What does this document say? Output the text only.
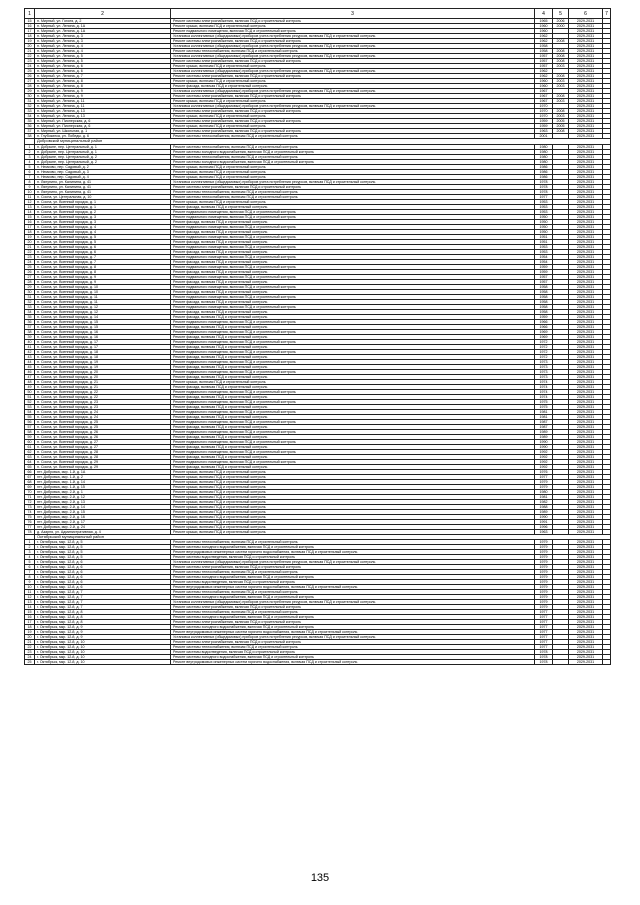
1	2	3	4	5	6	7
15	п. Мирный, ул. Гоголя, д. 2	Ремонт системы электроснабжения, включая ПСД и строительный контроль	1965	2006	2029-2031	
16	п. Мирный, ул. Ленина, д. 1А	Ремонт крыши, включая ПСД и строительный контроль	1960	2000	2029-2031	
17	п. Мирный, ул. Ленина, д. 1А	Ремонт подвального помещения, включая ПСД и строительный контроль	1960		2029-2031	
18	п. Мирный, ул. Ленина, д. 3	Установка коллективных (общедомовых) приборов учета потребления ресурсов, включая ПСД и строительный контроль	1962		2029-2031	
19	п. Мирный, ул. Ленина, д. 3	Ремонт системы электроснабжения, включая ПСД и строительный контроль	1962	2008	2029-2031	
20	п. Мирный, ул. Ленина, д. 4	Установка коллективных (общедомовых) приборов учета потребления ресурсов, включая ПСД и строительный контроль	1958		2029-2031	
21	п. Мирный, ул. Ленина, д. 4	Ремонт системы теплоснабжения, включая ПСД и строительный контроль	1958	2008	2029-2031	
22	п. Мирный, ул. Ленина, д. 5	Установка коллективных (общедомовых) приборов учета потребления ресурсов, включая ПСД и строительный контроль	1957	2008	2029-2031	
23	п. Мирный, ул. Ленина, д. 5	Ремонт системы электроснабжения, включая ПСД и строительный контроль	1957	2008	2029-2031	
24	п. Мирный, ул. Ленина, д. 6	Ремонт крыши, включая ПСД и строительный контроль	1957	2003	2029-2031	
25	п. Мирный, ул. Ленина, д. 6	Установка коллективных (общедомовых) приборов учета потребления ресурсов, включая ПСД и строительный контроль	1962		2029-2031	
26	п. Мирный, ул. Ленина, д. 7	Ремонт системы электроснабжения, включая ПСД и строительный контроль	1962	2008	2029-2031	
27	п. Мирный, ул. Ленина, д. 8	Ремонт крыши, включая ПСД и строительный контроль	1960	2003	2029-2031	
28	п. Мирный, ул. Ленина, д. 8	Ремонт фасада, включая ПСД и строительный контроль	1960	2003	2029-2031	
29	п. Мирный, ул. Ленина, д. 9	Установка коллективных (общедомовых) приборов учета потребления ресурсов, включая ПСД и строительный контроль	1967		2029-2031	
30	п. Мирный, ул. Ленина, д. 9	Ремонт системы электроснабжения, включая ПСД и строительный контроль	1967	2008	2029-2031	
31	п. Мирный, ул. Ленина, д. 11	Ремонт крыши, включая ПСД и строительный контроль	1967	2003	2029-2031	
32	п. Мирный, ул. Ленина, д. 11	Установка коллективных (общедомовых) приборов учета потребления ресурсов, включая ПСД и строительный контроль	1970		2029-2031	
33	п. Мирный, ул. Ленина, д. 13	Ремонт системы электроснабжения, включая ПСД и строительный контроль	1970	2008	2029-2031	
34	п. Мирный, ул. Ленина, д. 13	Ремонт крыши, включая ПСД и строительный контроль	1970	2003	2029-2031	
35	п. Мирный, ул. Пионерская, д. 6	Ремонт системы электроснабжения, включая ПСД и строительный контроль	1959	2005	2029-2031	
36	п. Мирный, ул. Пионерская, д. 6	Ремонт крыши, включая ПСД и строительный контроль	1959	2005	2029-2031	
37	п. Мирный, ул. Школьная, д. 1	Ремонт системы электроснабжения, включая ПСД и строительный контроль	1963	2008	2029-2031	
38	п. Глубокинка, ул. Победы, д. 6	Ремонт системы теплоснабжения, включая ПСД и строительный контроль	2001		2029-2031	
	Добровский муниципальный район					
1	п. Добрыне, пер. Центральный, д. 1	Ремонт системы теплоснабжения, включая ПСД и строительный контроль	1980		2029-2031	
2	п. Добрыне, пер. Центральный, д. 1	Ремонт системы холодного водоснабжения, включая ПСД и строительный контроль	1980		2029-2031	
3	п. Добрыне, пер. Центральный, д. 2	Ремонт системы теплоснабжения, включая ПСД и строительный контроль	1980		2029-2031	
4	п. Добрыне, пер. Центральный, д. 2	Ремонт системы холодного водоснабжения, включая ПСД и строительный контроль	1980		2029-2031	
5	п. Немково, пер. Садовый, д. 2	Ремонт крыши, включая ПСД и строительный контроль	1986		2029-2031	
6	п. Немково, пер. Садовый, д. 3	Ремонт крыши, включая ПСД и строительный контроль	1986		2029-2031	
7	п. Немково, пер. Садовый, д. 4	Ремонт крыши, включая ПСД и строительный контроль	1986		2029-2031	
8	п. Ляпунино, ул. Калинина, д. 41	Установка коллективных (общедомовых) приборов учета потребления ресурсов, включая ПСД и строительный контроль	1978		2029-2031	
9	п. Ляпунино, ул. Калинина, д. 41	Ремонт системы электроснабжения, включая ПСД и строительный контроль	1978		2029-2031	
10	п. Ляпунино, ул. Калинина, д. 41	Ремонт системы теплоснабжения, включая ПСД и строительный контроль	1978		2029-2031	
11	п. Сосна, ул. Центральная, д. 10	Ремонт системы теплоснабжения, включая ПСД и строительный контроль	1977		2029-2031	
12	п. Сосна, ул. Военный городок, д. 1	Ремонт крыши, включая ПСД и строительный контроль	1953		2029-2031	
13	п. Сосна, ул. Военный городок, д. 1	Ремонт фасада, включая ПСД и строительный контроль	1953		2029-2031	
14	п. Сосна, ул. Военный городок, д. 2	Ремонт подвального помещения, включая ПСД и строительный контроль	1953		2029-2031	
15	п. Сосна, ул. Военный городок, д. 3	Ремонт подвального помещения, включая ПСД и строительный контроль	1950		2029-2031	
16	п. Сосна, ул. Военный городок, д. 3	Ремонт фасада, включая ПСД и строительный контроль	1950		2029-2031	
17	п. Сосна, ул. Военный городок, д. 4	Ремонт подвального помещения, включая ПСД и строительный контроль	1950		2029-2031	
18	п. Сосна, ул. Военный городок, д. 4	Ремонт фасада, включая ПСД и строительный контроль	1950		2029-2031	
19	п. Сосна, ул. Военный городок, д. 5	Ремонт подвального помещения, включая ПСД и строительный контроль	1951		2029-2031	
20	п. Сосна, ул. Военный городок, д. 5	Ремонт фасада, включая ПСД и строительный контроль	1951		2029-2031	
21	п. Сосна, ул. Военный городок, д. 6	Ремонт подвального помещения, включая ПСД и строительный контроль	1953		2029-2031	
22	п. Сосна, ул. Военный городок, д. 6	Ремонт фасада, включая ПСД и строительный контроль	1953		2029-2031	
23	п. Сосна, ул. Военный городок, д. 7	Ремонт подвального помещения, включая ПСД и строительный контроль	1954		2029-2031	
24	п. Сосна, ул. Военный городок, д. 7	Ремонт фасада, включая ПСД и строительный контроль	1954		2029-2031	
25	п. Сосна, ул. Военный городок, д. 8	Ремонт подвального помещения, включая ПСД и строительный контроль	1959		2029-2031	
26	п. Сосна, ул. Военный городок, д. 8	Ремонт фасада, включая ПСД и строительный контроль	1959		2029-2031	
27	п. Сосна, ул. Военный городок, д. 9	Ремонт подвального помещения, включая ПСД и строительный контроль	1957		2029-2031	
28	п. Сосна, ул. Военный городок, д. 9	Ремонт фасада, включая ПСД и строительный контроль	1957		2029-2031	
29	п. Сосна, ул. Военный городок, д. 10	Ремонт подвального помещения, включая ПСД и строительный контроль	1958		2029-2031	
30	п. Сосна, ул. Военный городок, д. 10	Ремонт фасада, включая ПСД и строительный контроль	1958		2029-2031	
31	п. Сосна, ул. Военный городок, д. 11	Ремонт подвального помещения, включая ПСД и строительный контроль	1958		2029-2031	
32	п. Сосна, ул. Военный городок, д. 11	Ремонт фасада, включая ПСД и строительный контроль	1958		2029-2031	
33	п. Сосна, ул. Военный городок, д. 12	Ремонт подвального помещения, включая ПСД и строительный контроль	1958		2029-2031	
34	п. Сосна, ул. Военный городок, д. 12	Ремонт фасада, включая ПСД и строительный контроль	1958		2029-2031	
35	п. Сосна, ул. Военный городок, д. 14	Ремонт фасада, включая ПСД и строительный контроль	1959		2029-2031	
36	п. Сосна, ул. Военный городок, д. 15	Ремонт подвального помещения, включая ПСД и строительный контроль	1966		2029-2031	
37	п. Сосна, ул. Военный городок, д. 15	Ремонт фасада, включая ПСД и строительный контроль	1966		2029-2031	
38	п. Сосна, ул. Военный городок, д. 16	Ремонт подвального помещения, включая ПСД и строительный контроль	1969		2029-2031	
39	п. Сосна, ул. Военный городок, д. 16	Ремонт фасада, включая ПСД и строительный контроль	1969		2029-2031	
40	п. Сосна, ул. Военный городок, д. 17	Ремонт подвального помещения, включая ПСД и строительный контроль	1972		2029-2031	
41	п. Сосна, ул. Военный городок, д. 17	Ремонт фасада, включая ПСД и строительный контроль	1972		2029-2031	
42	п. Сосна, ул. Военный городок, д. 18	Ремонт подвального помещения, включая ПСД и строительный контроль	1972		2029-2031	
43	п. Сосна, ул. Военный городок, д. 18	Ремонт фасада, включая ПСД и строительный контроль	1972		2029-2031	
44	п. Сосна, ул. Военный городок, д. 19	Ремонт подвального помещения, включая ПСД и строительный контроль	1973		2029-2031	
45	п. Сосна, ул. Военный городок, д. 19	Ремонт фасада, включая ПСД и строительный контроль	1973		2029-2031	
46	п. Сосна, ул. Военный городок, д. 20	Ремонт подвального помещения, включая ПСД и строительный контроль	1973		2029-2031	
47	п. Сосна, ул. Военный городок, д. 20	Ремонт фасада, включая ПСД и строительный контроль	1973		2029-2031	
48	п. Сосна, ул. Военный городок, д. 21	Ремонт крыши, включая ПСД и строительный контроль	1974		2029-2031	
49	п. Сосна, ул. Военный городок, д. 21	Ремонт фасада, включая ПСД и строительный контроль	1974		2029-2031	
50	п. Сосна, ул. Военный городок, д. 22	Ремонт подвального помещения, включая ПСД и строительный контроль	1974		2029-2031	
51	п. Сосна, ул. Военный городок, д. 22	Ремонт фасада, включая ПСД и строительный контроль	1974		2029-2031	
52	п. Сосна, ул. Военный городок, д. 23	Ремонт подвального помещения, включая ПСД и строительный контроль	1975		2029-2031	
53	п. Сосна, ул. Военный городок, д. 23	Ремонт фасада, включая ПСД и строительный контроль	1975		2029-2031	
54	п. Сосна, ул. Военный городок, д. 24	Ремонт подвального помещения, включая ПСД и строительный контроль	1981		2029-2031	
55	п. Сосна, ул. Военный городок, д. 24	Ремонт фасада, включая ПСД и строительный контроль	1981		2029-2031	
56	п. Сосна, ул. Военный городок, д. 25	Ремонт подвального помещения, включая ПСД и строительный контроль	1987		2029-2031	
57	п. Сосна, ул. Военный городок, д. 25	Ремонт фасада, включая ПСД и строительный контроль	1987		2029-2031	
58	п. Сосна, ул. Военный городок, д. 26	Ремонт подвального помещения, включая ПСД и строительный контроль	1989		2029-2031	
59	п. Сосна, ул. Военный городок, д. 26	Ремонт фасада, включая ПСД и строительный контроль	1989		2029-2031	
60	п. Сосна, ул. Военный городок, д. 27	Ремонт подвального помещения, включая ПСД и строительный контроль	1990		2029-2031	
61	п. Сосна, ул. Военный городок, д. 27	Ремонт фасада, включая ПСД и строительный контроль	1990		2029-2031	
62	п. Сосна, ул. Военный городок, д. 28	Ремонт подвального помещения, включая ПСД и строительный контроль	1992		2029-2031	
63	п. Сосна, ул. Военный городок, д. 28	Ремонт фасада, включая ПСД и строительный контроль	1992		2029-2031	
64	п. Сосна, ул. Военный городок, д. 29	Ремонт подвального помещения, включая ПСД и строительный контроль	1992		2029-2031	
65	п. Сосна, ул. Военный городок, д. 29	Ремонт фасада, включая ПСД и строительный контроль	1992		2029-2031	
66	пгт. Добровка, мкр. 1-й, д. 1А	Ремонт крыши, включая ПСД и строительный контроль	1976		2029-2031	
67	пгт. Добровка, мкр. 1-й, д. 2	Ремонт крыши, включая ПСД и строительный контроль	1977		2029-2031	
68	пгт. Добровка, мкр. 1-й, д. 14	Ремонт крыши, включая ПСД и строительный контроль	1979		2029-2031	
69	пгт. Добровка, мкр. 1-й, д. 15	Ремонт крыши, включая ПСД и строительный контроль	1979		2029-2031	
70	пгт. Добровка, мкр. 2-й, д. 1	Ремонт крыши, включая ПСД и строительный контроль	1980		2029-2031	
71	пгт. Добровка, мкр. 2-й, д. 12	Ремонт крыши, включая ПСД и строительный контроль	1981		2029-2031	
72	пгт. Добровка, мкр. 2-й, д. 13	Ремонт крыши, включая ПСД и строительный контроль	1982		2029-2031	
73	пгт. Добровка, мкр. 2-й, д. 14	Ремонт крыши, включая ПСД и строительный контроль	1988		2029-2031	
74	пгт. Добровка, мкр. 2-й, д. 15	Ремонт крыши, включая ПСД и строительный контроль	1989		2029-2031	
75	пгт. Добровка, мкр. 2-й, д. 16	Ремонт крыши, включая ПСД и строительный контроль	1990		2029-2031	
76	пгт. Добровка, мкр. 2-й, д. 17	Ремонт крыши, включая ПСД и строительный контроль	1991		2029-2031	
77	пгт. Добровка, мкр. 2-й, д. 24	Ремонт крыши, включая ПСД и строительный контроль	1996		2029-2031	
78	д. Азарня, ул. Административная, д. 4	Ремонт крыши, включая ПСД и строительный контроль	1963		2029-2031	
	Октябрьский муниципальный район					
1	г. Октябрьск, мкр. 12-й, д. 5	Ремонт системы теплоснабжения, включая ПСД и строительный контроль	1979		2029-2031	
2	г. Октябрьск, мкр. 12-й, д. 5	Ремонт системы холодного водоснабжения, включая ПСД и строительный контроль	1979		2029-2031	
3	г. Октябрьск, мкр. 12-й, д. 5	Ремонт внутридомовых инженерных систем горячего водоснабжения, включая ПСД и строительный контроль	1979		2029-2031	
4	г. Октябрьск, мкр. 12-й, д. 5	Ремонт системы водоотведения, включая ПСД и строительный контроль	1979		2029-2031	
5	г. Октябрьск, мкр. 12-й, д. 6	Установка коллективных (общедомовых) приборов учета потребления ресурсов, включая ПСД и строительный контроль	1979		2029-2031	
6	г. Октябрьск, мкр. 12-й, д. 6	Ремонт системы электроснабжения, включая ПСД и строительный контроль	1979		2029-2031	
7	г. Октябрьск, мкр. 12-й, д. 6	Ремонт системы теплоснабжения, включая ПСД и строительный контроль	1979		2029-2031	
8	г. Октябрьск, мкр. 12-й, д. 6	Ремонт системы холодного водоснабжения, включая ПСД и строительный контроль	1979		2029-2031	
9	г. Октябрьск, мкр. 12-й, д. 6	Ремонт системы водоотведения, включая ПСД и строительный контроль	1979		2029-2031	
10	г. Октябрьск, мкр. 12-й, д. 6	Ремонт внутридомовых инженерных систем горячего водоснабжения, включая ПСД и строительный контроль	1979		2029-2031	
11	г. Октябрьск, мкр. 12-й, д. 7	Ремонт системы теплоснабжения, включая ПСД и строительный контроль	1979		2029-2031	
12	г. Октябрьск, мкр. 12-й, д. 7	Ремонт системы холодного водоснабжения, включая ПСД и строительный контроль	1979		2029-2031	
13	г. Октябрьск, мкр. 12-й, д. 7	Установка коллективных (общедомовых) приборов учета потребления ресурсов, включая ПСД и строительный контроль	1979		2029-2031	
14	г. Октябрьск, мкр. 12-й, д. 7	Ремонт системы электроснабжения, включая ПСД и строительный контроль	1979		2029-2031	
15	г. Октябрьск, мкр. 12-й, д. 8	Ремонт системы теплоснабжения, включая ПСД и строительный контроль	1977		2029-2031	
16	г. Октябрьск, мкр. 12-й, д. 8	Ремонт системы холодного водоснабжения, включая ПСД и строительный контроль	1977		2029-2031	
17	г. Октябрьск, мкр. 12-й, д. 8	Ремонт системы электроснабжения, включая ПСД и строительный контроль	1977		2029-2031	
18	г. Октябрьск, мкр. 12-й, д. 9	Ремонт системы холодного водоснабжения, включая ПСД и строительный контроль	1977		2029-2031	
19	г. Октябрьск, мкр. 12-й, д. 9	Ремонт внутридомовых инженерных систем горячего водоснабжения, включая ПСД и строительный контроль	1977		2029-2031	
20	г. Октябрьск, мкр. 12-й, д. 9	Установка коллективных (общедомовых) приборов учета потребления ресурсов, включая ПСД и строительный контроль	1977		2029-2031	
21	г. Октябрьск, мкр. 12-й, д. 10	Ремонт системы электроснабжения, включая ПСД и строительный контроль	1977		2029-2031	
22	г. Октябрьск, мкр. 12-й, д. 10	Ремонт системы теплоснабжения, включая ПСД и строительный контроль	1977		2029-2031	
23	г. Октябрьск, мкр. 12-й, д. 10	Ремонт системы водоотведения, включая ПСД и строительный контроль	1978		2029-2031	
24	г. Октябрьск, мкр. 12-й, д. 10	Ремонт системы холодного водоснабжения, включая ПСД и строительный контроль	1978		2029-2031	
25	г. Октябрьск, мкр. 12-й, д. 10	Ремонт внутридомовых инженерных систем горячего водоснабжения, включая ПСД и строительный контроль	1978		2029-2031	
135
